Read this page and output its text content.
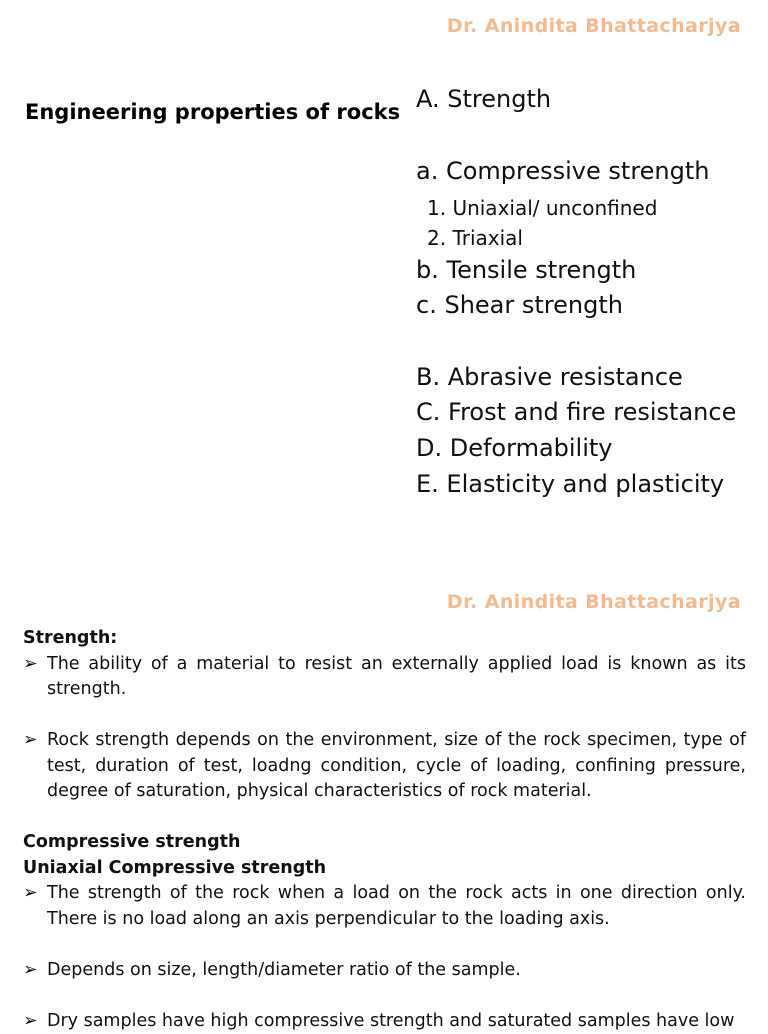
Dr. Anindita Bhattacharjya
Engineering properties of rocks A. Strength
a. Compressive strength
1. Uniaxial/ unconfined
2. Triaxial
b. Tensile strength
c. Shear strength
B. Abrasive resistance
C. Frost and fire resistance
D. Deformability
E. Elasticity and plasticity
Dr. Anindita Bhattacharjya
Strength:
➢ The ability of a material to resist an externally applied load is known as its strength.
➢ Rock strength depends on the environment, size of the rock specimen, type of test, duration of test, loadng condition, cycle of loading, confining pressure, degree of saturation, physical characteristics of rock material.
Compressive strength
Uniaxial Compressive strength
➢ The strength of the rock when a load on the rock acts in one direction only. There is no load along an axis perpendicular to the loading axis.
➢ Depends on size, length/diameter ratio of the sample.
➢ Dry samples have high compressive strength and saturated samples have low
